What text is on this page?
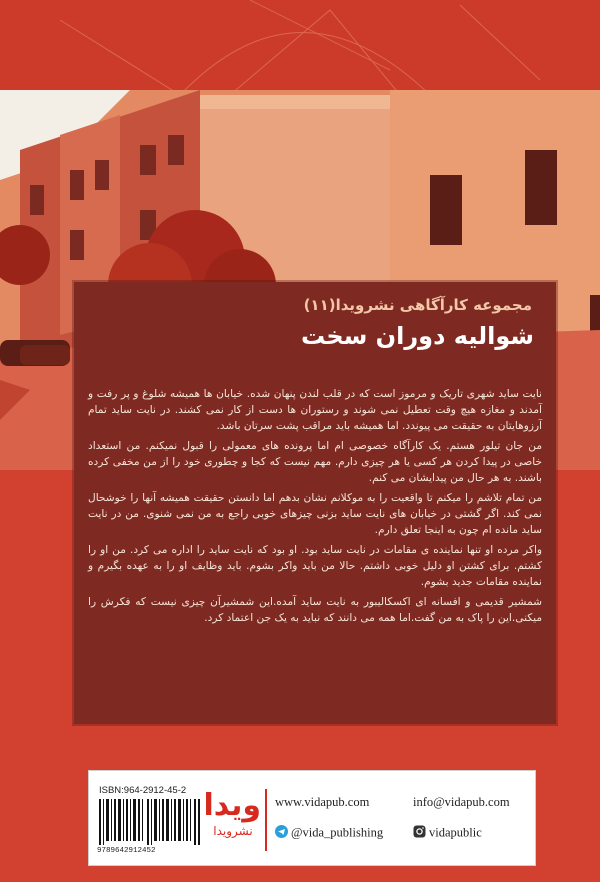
مجموعه کارآگاهی نشرویدا(۱۱)
شوالیه دوران سخت

نایت ساید شهری تاریک و مرموز است که در قلب لندن پنهان شده. خیابان ها همیشه شلوغ و پر رفت و آمدند و مغازه هیچ وقت تعطیل نمی شوند و رستوران ها دست از کار نمی کشند. در نایت ساید تمام آرزوهایتان به حقیقت می پیوندد. اما همیشه باید مراقب پشت سرتان باشد.

من جان تیلور هستم. یک کارآگاه خصوصی ام اما پرونده های معمولی را قبول نمیکنم. من استعداد خاصی در پیدا کردن هر کسی یا هر چیزی دارم. مهم نیست که کجا و چطوری خود را از من مخفی کرده باشند. به هر حال من پیدایشان می کنم.

من تمام تلاشم را میکنم تا واقعیت را به موکلانم نشان بدهم اما دانستن حقیقت همیشه آنها را خوشحال نمی کند. اگر گشتی در خیابان های نایت ساید بزنی چیزهای خوبی راجع به من نمی شنوی. من در نایت ساید مانده ام چون به اینجا تعلق دارم.

واکر مرده او تنها نماینده ی مقامات در نایت ساید بود. او بود که نایت ساید را اداره می کرد. من او را کشتم. برای کشتن او دلیل خوبی داشتم. حالا من باید واکر بشوم. باید وظایف او را به عهده بگیرم و نماینده مقامات جدید بشوم.

شمشیر قدیمی و افسانه ای اکسکالیبور به نایت ساید آمده.این شمشیرآن چیزی نیست که فکرش را میکنی.این را پاک به من گفت.اما همه می دانند که نباید به یک جن اعتماد کرد.

ISBN:964-2912-45-2
9789642912452
ویدا
نشرویدا
www.vidapub.com	info@vidapub.com
@vida_publishing	vidapublic
